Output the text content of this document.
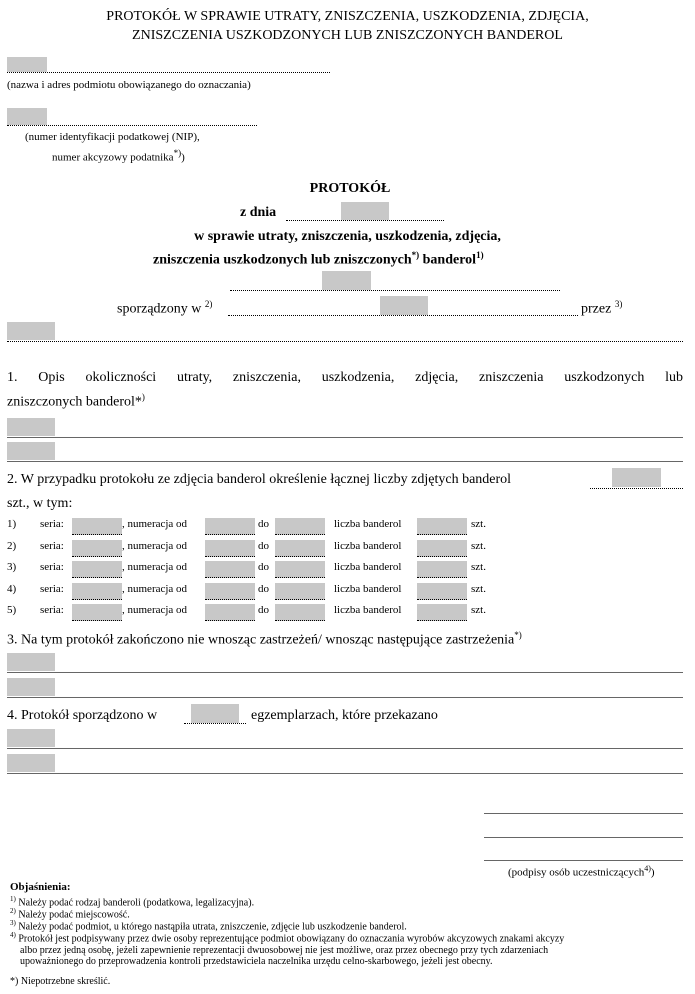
PROTOKÓŁ W SPRAWIE UTRATY, ZNISZCZENIA, USZKODZENIA, ZDJĘCIA,
ZNISZCZENIA USZKODZONYCH LUB ZNISZCZONYCH BANDEROL
(nazwa i adres podmiotu obowiązanego do oznaczania)
(numer identyfikacji podatkowej (NIP),
numer akcyzowy podatnika*))
PROTOKÓŁ
z dnia
w sprawie utraty, zniszczenia, uszkodzenia, zdjęcia,
zniszczenia uszkodzonych lub zniszczonych*) banderol$^{1)}$
sporządzony w $^{2)}$	przez $^{3)}$
1. Opis okoliczności utraty, zniszczenia, uszkodzenia, zdjęcia, zniszczenia uszkodzonych lub
zniszczonych banderol*)
2. W przypadku protokołu ze zdjęcia banderol określenie łącznej liczby zdjętych banderol
szt., w tym:
1) seria:	, numeracja od	do	liczba banderol	szt.
2) seria:	, numeracja od	do	liczba banderol	szt.
3) seria:	, numeracja od	do	liczba banderol	szt.
4) seria:	, numeracja od	do	liczba banderol	szt.
5) seria:	, numeracja od	do	liczba banderol	szt.
3. Na tym protokół zakończono nie wnosząc zastrzeżeń/ wnosząc następujące zastrzeżenia*)
4. Protokół sporządzono w	egzemplarzach, które przekazano
(podpisy osób uczestniczących$^{4)}$)
Objaśnienia:
$^{1)}$ Należy podać rodzaj banderoli (podatkowa, legalizacyjna).
$^{2)}$ Należy podać miejscowość.
$^{3)}$ Należy podać podmiot, u którego nastąpiła utrata, zniszczenie, zdjęcie lub uszkodzenie banderol.
$^{4)}$ Protokół jest podpisywany przez dwie osoby reprezentujące podmiot obowiązany do oznaczania wyrobów akcyzowych znakami akcyzy
albo przez jedną osobę, jeżeli zapewnienie reprezentacji dwuosobowej nie jest możliwe, oraz przez obecnego przy tych zdarzeniach
upoważnionego do przeprowadzenia kontroli przedstawiciela naczelnika urzędu celno-skarbowego, jeżeli jest obecny.
*) Niepotrzebne skreślić.
